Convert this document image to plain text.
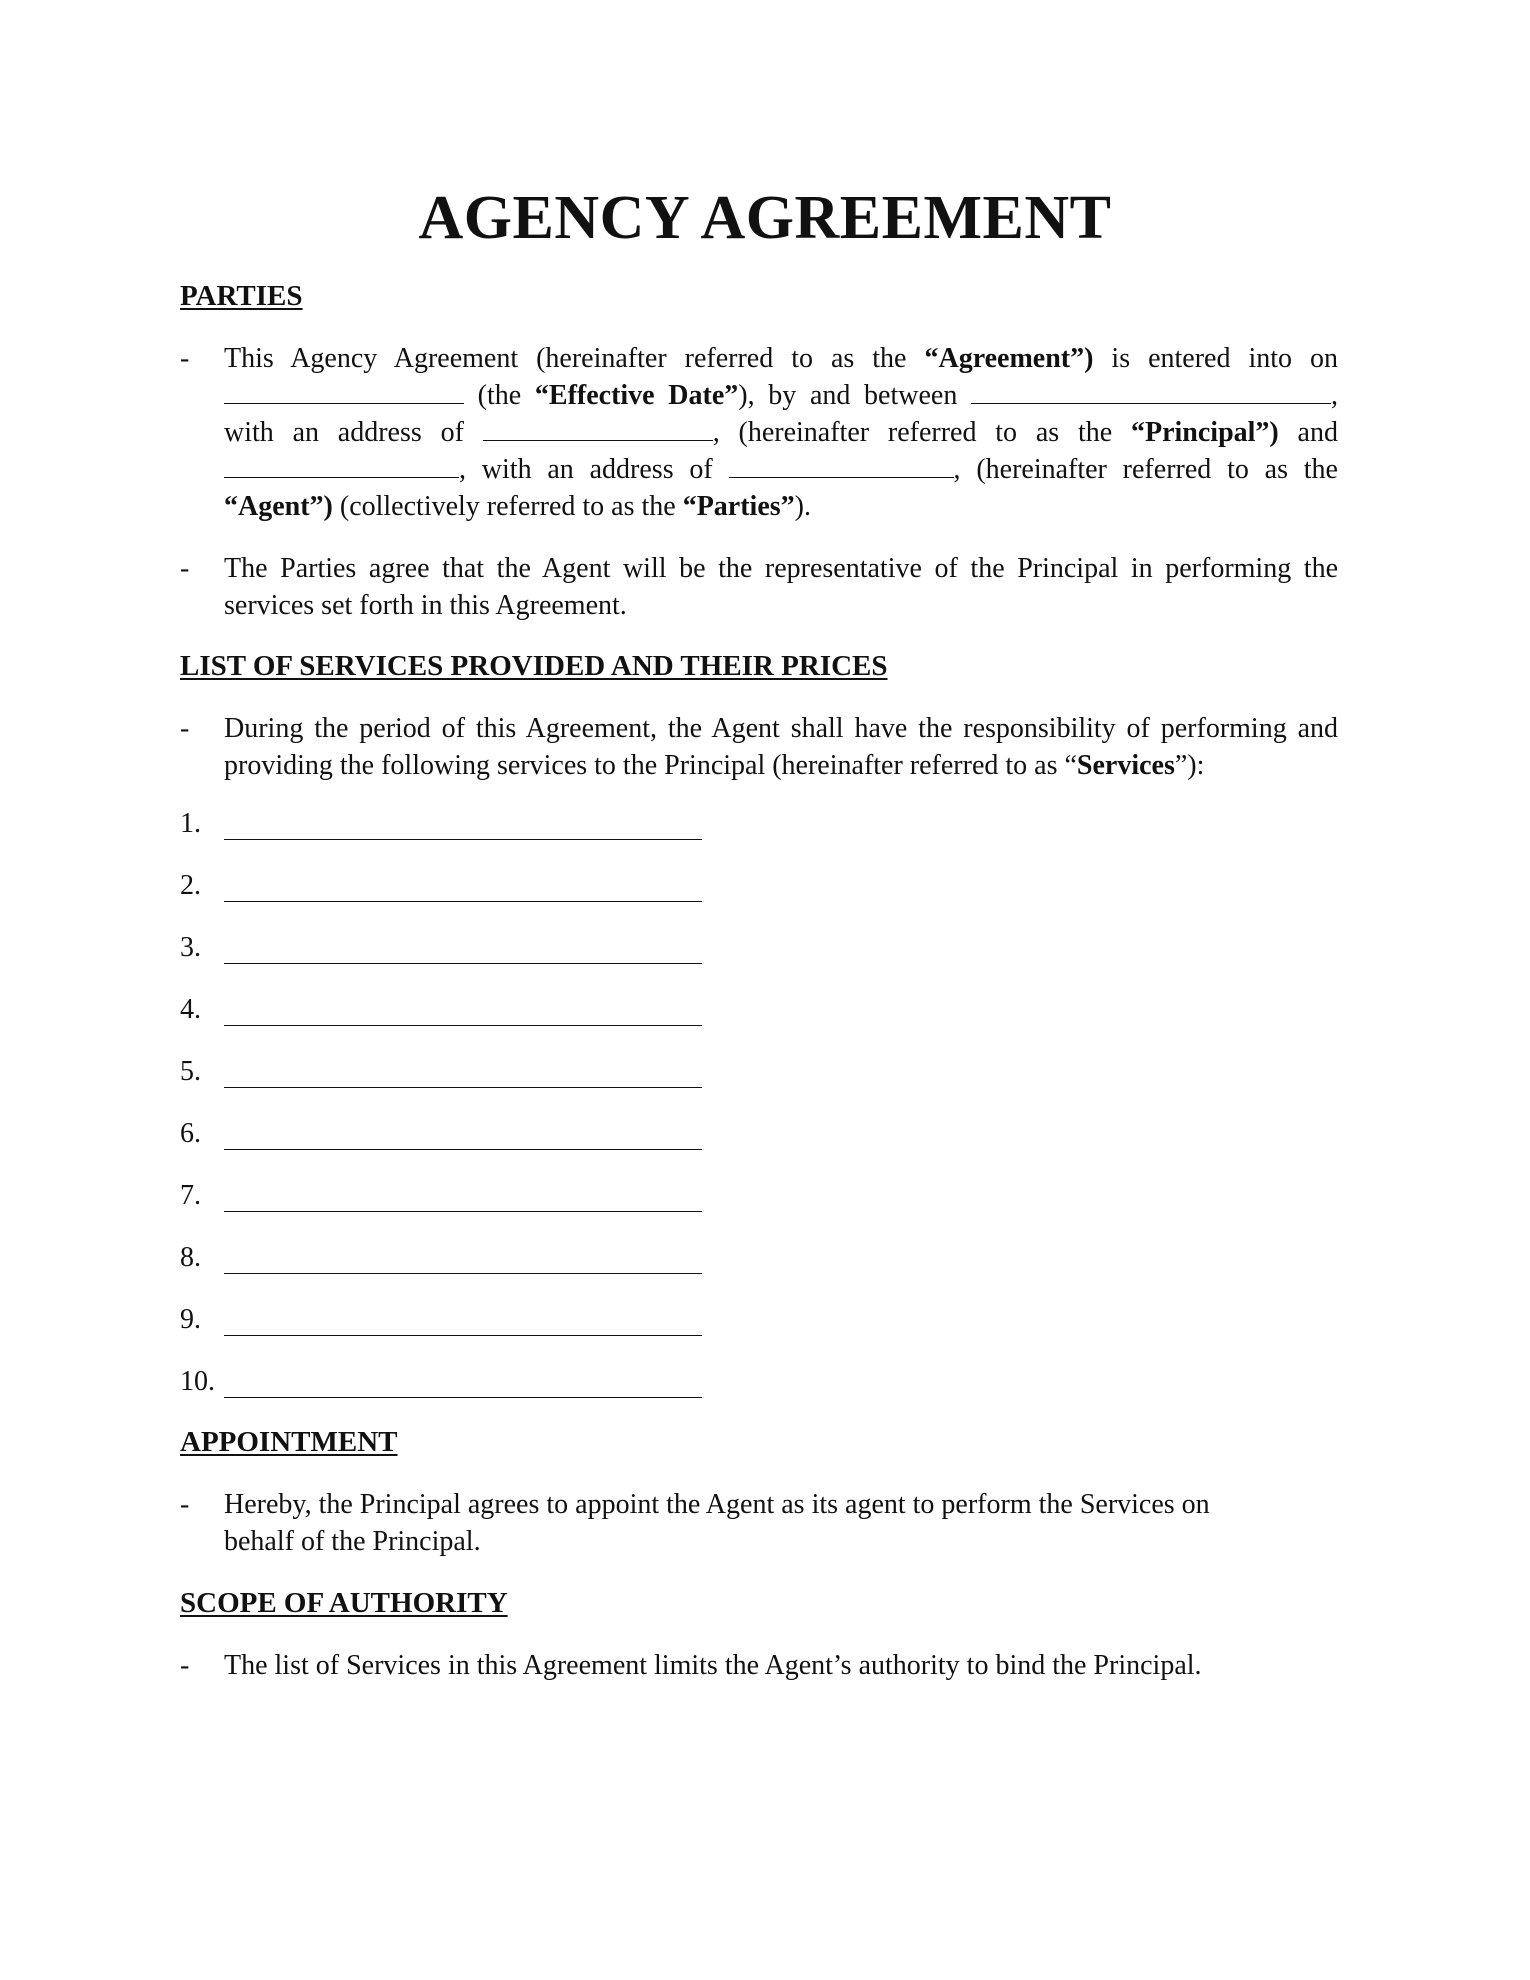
AGENCY AGREEMENT
PARTIES
- This Agency Agreement (hereinafter referred to as the “Agreement”) is entered into on  (the “Effective Date”), by and between	, with an address of	, (hereinafter referred to as the “Principal”) and , with an address of	, (hereinafter referred to as the “Agent”) (collectively referred to as the “Parties”).
- The Parties agree that the Agent will be the representative of the Principal in performing the services set forth in this Agreement.
LIST OF SERVICES PROVIDED AND THEIR PRICES
- During the period of this Agreement, the Agent shall have the responsibility of performing and providing the following services to the Principal (hereinafter referred to as “Services”):
1.
2.
3.
4.
5.
6.
7.
8.
9.
10.
APPOINTMENT
- Hereby, the Principal agrees to appoint the Agent as its agent to perform the Services on behalf of the Principal.
SCOPE OF AUTHORITY
- The list of Services in this Agreement limits the Agent’s authority to bind the Principal.
